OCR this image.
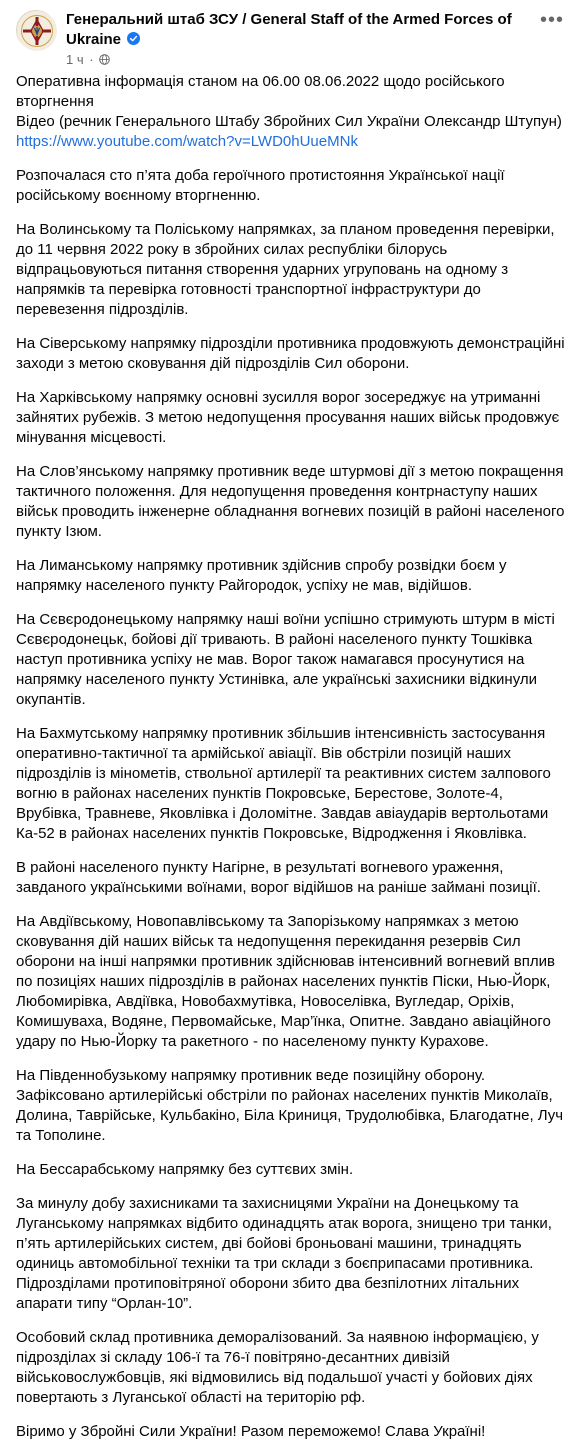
Генеральний штаб ЗСУ / General Staff of the Armed Forces of Ukraine
1 ч ·
•••

Оперативна інформація станом на 06.00 08.06.2022 щодо російського вторгнення
Відео (речник Генерального Штабу Збройних Сил України Олександр Штупун)
https://www.youtube.com/watch?v=LWD0hUueMNk

Розпочалася сто п’ята доба героїчного протистояння Української нації російському воєнному вторгненню.

На Волинському та Поліському напрямках, за планом проведення перевірки, до 11 червня 2022 року в збройних силах республіки білорусь відпрацьовуються питання створення ударних угруповань на одному з напрямків та перевірка готовності транспортної інфраструктури до перевезення підрозділів.

На Сіверському напрямку підрозділи противника продовжують демонстраційні заходи з метою сковування дій підрозділів Сил оборони.

На Харківському напрямку основні зусилля ворог зосереджує на утриманні зайнятих рубежів. З метою недопущення просування наших військ продовжує мінування місцевості.

На Слов’янському напрямку противник веде штурмові дії з метою покращення тактичного положення. Для недопущення проведення контрнаступу наших військ проводить інженерне обладнання вогневих позицій в районі населеного пункту Ізюм.

На Лиманському напрямку противник здійснив спробу розвідки боєм у напрямку населеного пункту Райгородок, успіху не мав, відійшов.

На Сєвєродонецькому напрямку наші воїни успішно стримують штурм в місті Сєвєродонецьк, бойові дії тривають. В районі населеного пункту Тошківка наступ противника успіху не мав. Ворог також намагався просунутися на напрямку населеного пункту Устинівка, але українські захисники відкинули окупантів.

На Бахмутському напрямку противник збільшив інтенсивність застосування оперативно-тактичної та армійської авіації. Вів обстріли позицій наших підрозділів із мінометів, ствольної артилерії та реактивних систем залпового вогню в районах населених пунктів Покровське, Берестове, Золоте-4, Врубівка, Травневе, Яковлівка і Доломітне. Завдав авіаударів вертольотами Ка-52 в районах населених пунктів Покровське, Відродження і Яковлівка.

В районі населеного пункту Нагірне, в результаті вогневого ураження, завданого українськими воїнами, ворог відійшов на раніше займані позиції.

На Авдіївському, Новопавлівському та Запорізькому напрямках з метою сковування дій наших військ та недопущення перекидання резервів Сил оборони на інші напрямки противник здійснював інтенсивний вогневий вплив по позиціях наших підрозділів в районах населених пунктів Піски, Нью-Йорк, Любомирівка, Авдіївка, Новобахмутівка, Новоселівка, Вугледар, Оріхів, Комишуваха, Водяне, Первомайське, Мар’їнка, Опитне. Завдано авіаційного удару по Нью-Йорку та ракетного - по населеному пункту Курахове.

На Південнобузькому напрямку противник веде позиційну оборону. Зафіксовано артилерійські обстріли по районах населених пунктів Миколаїв, Долина, Таврійське, Кульбакіно, Біла Криниця, Трудолюбівка, Благодатне, Луч та Тополине.

На Бессарабському напрямку без суттєвих змін.

За минулу добу захисниками та захисницями України на Донецькому та Луганському напрямках відбито одинадцять атак ворога, знищено три танки, п’ять артилерійських систем, дві бойові броньовані машини, тринадцять одиниць автомобільної техніки та три склади з боєприпасами противника. Підрозділами протиповітряної оборони збито два безпілотних літальних апарати типу “Орлан-10”.

Особовий склад противника деморалізований. За наявною інформацією, у підрозділах зі складу 106-ї та 76-ї повітряно-десантних дивізій військовослужбовців, які відмовились від подальшої участі у бойових діях повертають з Луганської області на територію рф.

Віримо у Збройні Сили України! Разом переможемо! Слава Україні!
